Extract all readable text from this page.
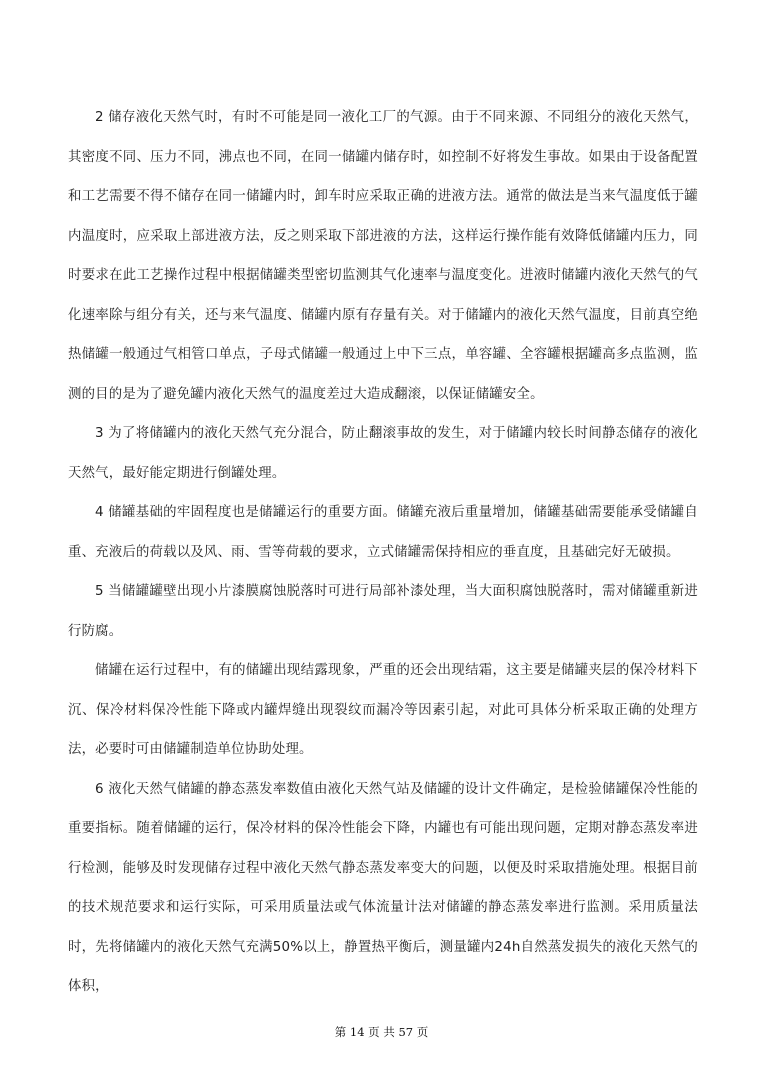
2 储存液化天然气时，有时不可能是同一液化工厂的气源。由于不同来源、不同组分的液化天然气，其密度不同、压力不同，沸点也不同，在同一储罐内储存时，如控制不好将发生事故。如果由于设备配置和工艺需要不得不储存在同一储罐内时，卸车时应采取正确的进液方法。通常的做法是当来气温度低于罐内温度时，应采取上部进液方法，反之则采取下部进液的方法，这样运行操作能有效降低储罐内压力，同时要求在此工艺操作过程中根据储罐类型密切监测其气化速率与温度变化。进液时储罐内液化天然气的气化速率除与组分有关，还与来气温度、储罐内原有存量有关。对于储罐内的液化天然气温度，目前真空绝热储罐一般通过气相管口单点，子母式储罐一般通过上中下三点，单容罐、全容罐根据罐高多点监测，监测的目的是为了避免罐内液化天然气的温度差过大造成翻滚，以保证储罐安全。

3 为了将储罐内的液化天然气充分混合，防止翻滚事故的发生，对于储罐内较长时间静态储存的液化天然气，最好能定期进行倒罐处理。

4 储罐基础的牢固程度也是储罐运行的重要方面。储罐充液后重量增加，储罐基础需要能承受储罐自重、充液后的荷载以及风、雨、雪等荷载的要求，立式储罐需保持相应的垂直度，且基础完好无破损。

5 当储罐罐壁出现小片漆膜腐蚀脱落时可进行局部补漆处理，当大面积腐蚀脱落时，需对储罐重新进行防腐。

储罐在运行过程中，有的储罐出现结露现象，严重的还会出现结霜，这主要是储罐夹层的保冷材料下沉、保冷材料保冷性能下降或内罐焊缝出现裂纹而漏冷等因素引起，对此可具体分析采取正确的处理方法，必要时可由储罐制造单位协助处理。

6 液化天然气储罐的静态蒸发率数值由液化天然气站及储罐的设计文件确定，是检验储罐保冷性能的重要指标。随着储罐的运行，保冷材料的保冷性能会下降，内罐也有可能出现问题，定期对静态蒸发率进行检测，能够及时发现储存过程中液化天然气静态蒸发率变大的问题，以便及时采取措施处理。根据目前的技术规范要求和运行实际，可采用质量法或气体流量计法对储罐的静态蒸发率进行监测。采用质量法时，先将储罐内的液化天然气充满50%以上，静置热平衡后，测量罐内24h自然蒸发损失的液化天然气的体积，

第 14 页 共 57 页
